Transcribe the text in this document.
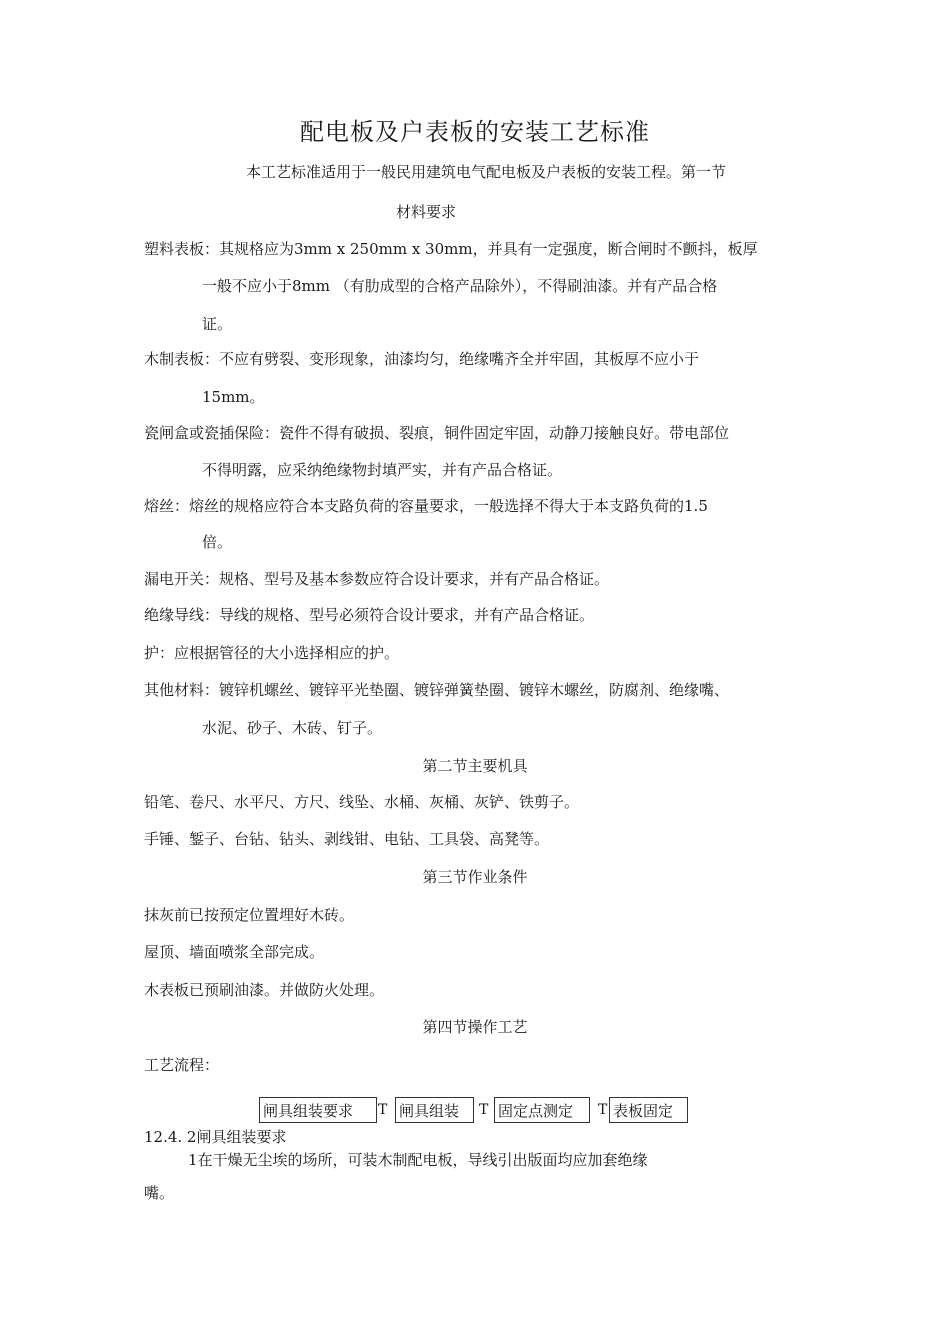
配电板及户表板的安装工艺标准
本工艺标准适用于一般民用建筑电气配电板及户表板的安装工程。第一节
材料要求
塑料表板：其规格应为3mm x 250mm x 30mm，并具有一定强度，断合闸时不颤抖，板厚
一般不应小于8mm （有肋成型的合格产品除外），不得刷油漆。并有产品合格
证。
木制表板：不应有劈裂、变形现象，油漆均匀，绝缘嘴齐全并牢固，其板厚不应小于
15mm。
瓷闸盒或瓷插保险：瓷件不得有破损、裂痕，铜件固定牢固，动静刀接触良好。带电部位
不得明露，应采纳绝缘物封填严实，并有产品合格证。
熔丝：熔丝的规格应符合本支路负荷的容量要求，一般选择不得大于本支路负荷的1.5
倍。
漏电开关：规格、型号及基本参数应符合设计要求，并有产品合格证。
绝缘导线：导线的规格、型号必须符合设计要求，并有产品合格证。
护：应根据管径的大小选择相应的护。
其他材料：镀锌机螺丝、镀锌平光垫圈、镀锌弹簧垫圈、镀锌木螺丝，防腐剂、绝缘嘴、
水泥、砂子、木砖、钉子。
第二节主要机具
铅笔、卷尺、水平尺、方尺、线坠、水桶、灰桶、灰铲、铁剪子。
手锤、錾子、台钻、钻头、剥线钳、电钻、工具袋、高凳等。
第三节作业条件
抹灰前已按预定位置埋好木砖。
屋顶、墙面喷浆全部完成。
木表板已预刷油漆。并做防火处理。
第四节操作工艺
工艺流程：
闸具组装要求	T 闸具组装	T 固定点测定	T 表板固定
12.4. 2闸具组装要求
1在干燥无尘埃的场所，可装木制配电板，导线引出版面均应加套绝缘
嘴。
